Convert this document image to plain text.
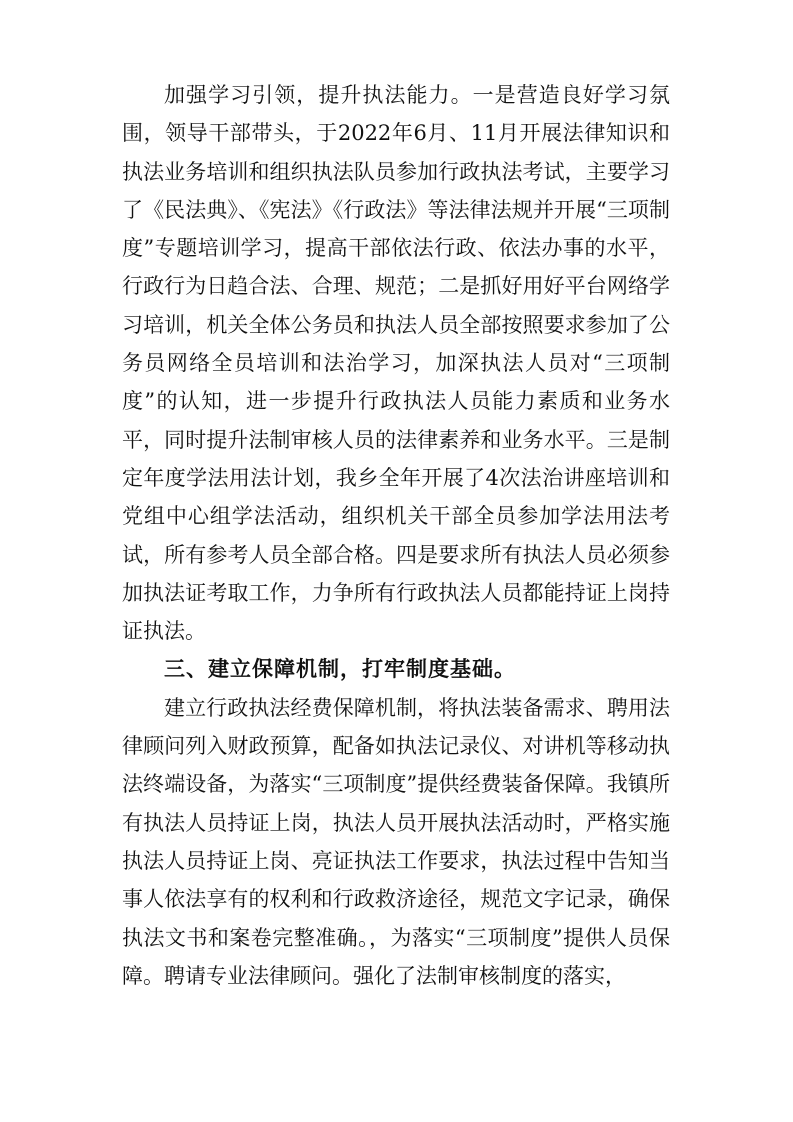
加强学习引领，提升执法能力。一是营造良好学习氛围，领导干部带头，于2022年6月、11月开展法律知识和执法业务培训和组织执法队员参加行政执法考试，主要学习了《民法典》、《宪法》《行政法》等法律法规并开展“三项制度”专题培训学习，提高干部依法行政、依法办事的水平，行政行为日趋合法、合理、规范；二是抓好用好平台网络学习培训，机关全体公务员和执法人员全部按照要求参加了公务员网络全员培训和法治学习，加深执法人员对“三项制度”的认知，进一步提升行政执法人员能力素质和业务水平，同时提升法制审核人员的法律素养和业务水平。三是制定年度学法用法计划，我乡全年开展了4次法治讲座培训和党组中心组学法活动，组织机关干部全员参加学法用法考试，所有参考人员全部合格。四是要求所有执法人员必须参加执法证考取工作，力争所有行政执法人员都能持证上岗持证执法。

三、建立保障机制，打牢制度基础。

建立行政执法经费保障机制，将执法装备需求、聘用法律顾问列入财政预算，配备如执法记录仪、对讲机等移动执法终端设备，为落实“三项制度”提供经费装备保障。我镇所有执法人员持证上岗，执法人员开展执法活动时，严格实施执法人员持证上岗、亮证执法工作要求，执法过程中告知当事人依法享有的权利和行政救济途径，规范文字记录，确保执法文书和案卷完整准确。，为落实“三项制度”提供人员保障。聘请专业法律顾问。强化了法制审核制度的落实，
